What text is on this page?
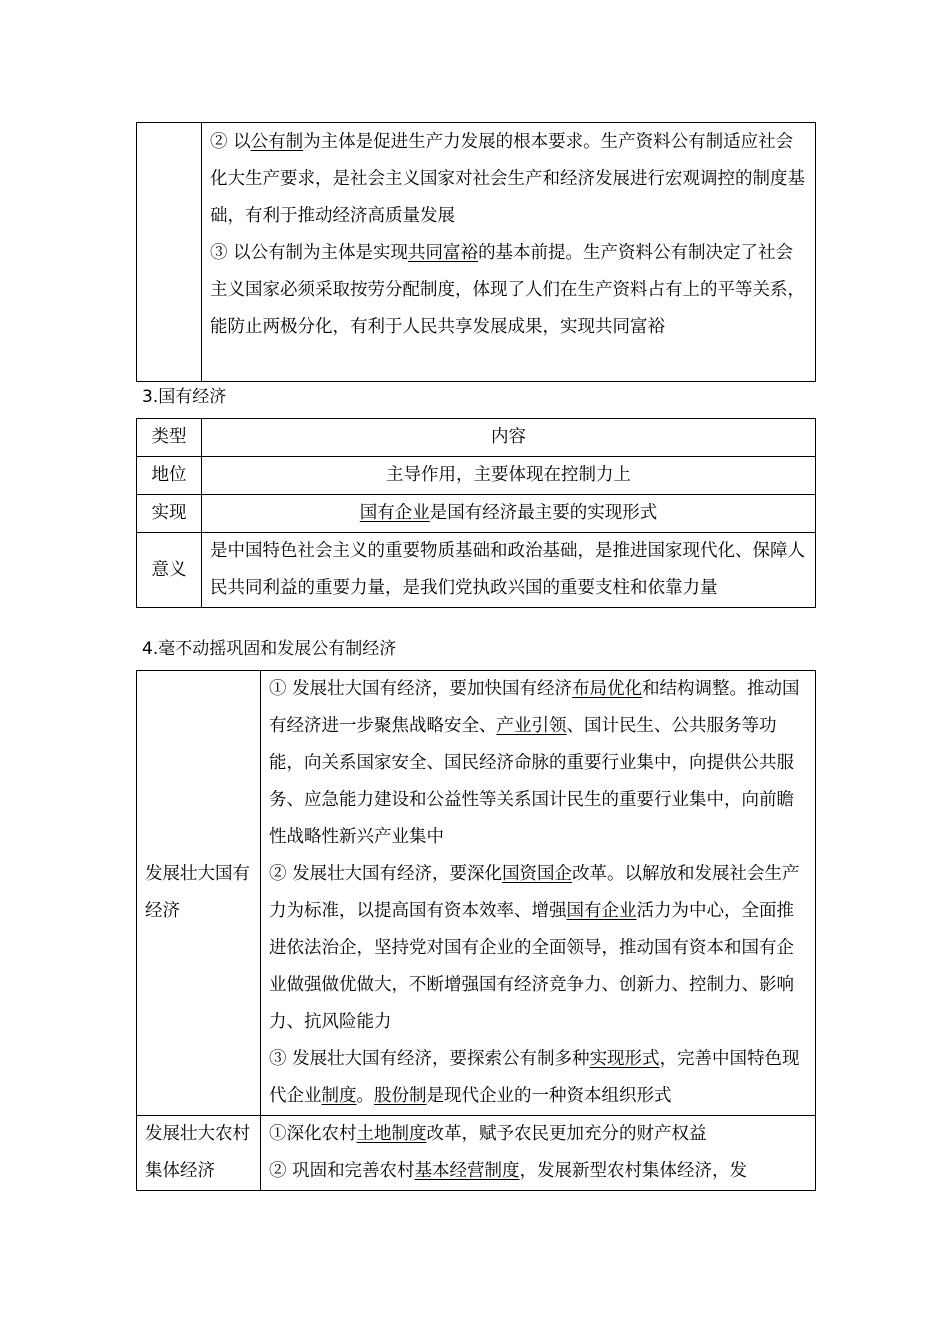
② 以公有制为主体是促进生产力发展的根本要求。生产资料公有制适应社会化大生产要求，是社会主义国家对社会生产和经济发展进行宏观调控的制度基础，有利于推动经济高质量发展

③ 以公有制为主体是实现共同富裕的基本前提。生产资料公有制决定了社会主义国家必须采取按劳分配制度，体现了人们在生产资料占有上的平等关系，能防止两极分化，有利于人民共享发展成果，实现共同富裕

3.国有经济
类型	内容
地位	主导作用，主要体现在控制力上
实现	国有企业是国有经济最主要的实现形式
意义	是中国特色社会主义的重要物质基础和政治基础，是推进国家现代化、保障人民共同利益的重要力量，是我们党执政兴国的重要支柱和依靠力量
4.毫不动摇巩固和发展公有制经济
发展壮大国有经济	① 发展壮大国有经济，要加快国有经济布局优化和结构调整。推动国有经济进一步聚焦战略安全、产业引领、国计民生、公共服务等功能，向关系国家安全、国民经济命脉的重要行业集中，向提供公共服务、应急能力建设和公益性等关系国计民生的重要行业集中，向前瞻性战略性新兴产业集中

② 发展壮大国有经济，要深化国资国企改革。以解放和发展社会生产力为标准，以提高国有资本效率、增强国有企业活力为中心，全面推进依法治企，坚持党对国有企业的全面领导，推动国有资本和国有企业做强做优做大，不断增强国有经济竞争力、创新力、控制力、影响力、抗风险能力

③ 发展壮大国有经济，要探索公有制多种实现形式，完善中国特色现代企业制度。股份制是现代企业的一种资本组织形式

发展壮大农村集体经济	①深化农村土地制度改革，赋予农民更加充分的财产权益

② 巩固和完善农村基本经营制度，发展新型农村集体经济，发
